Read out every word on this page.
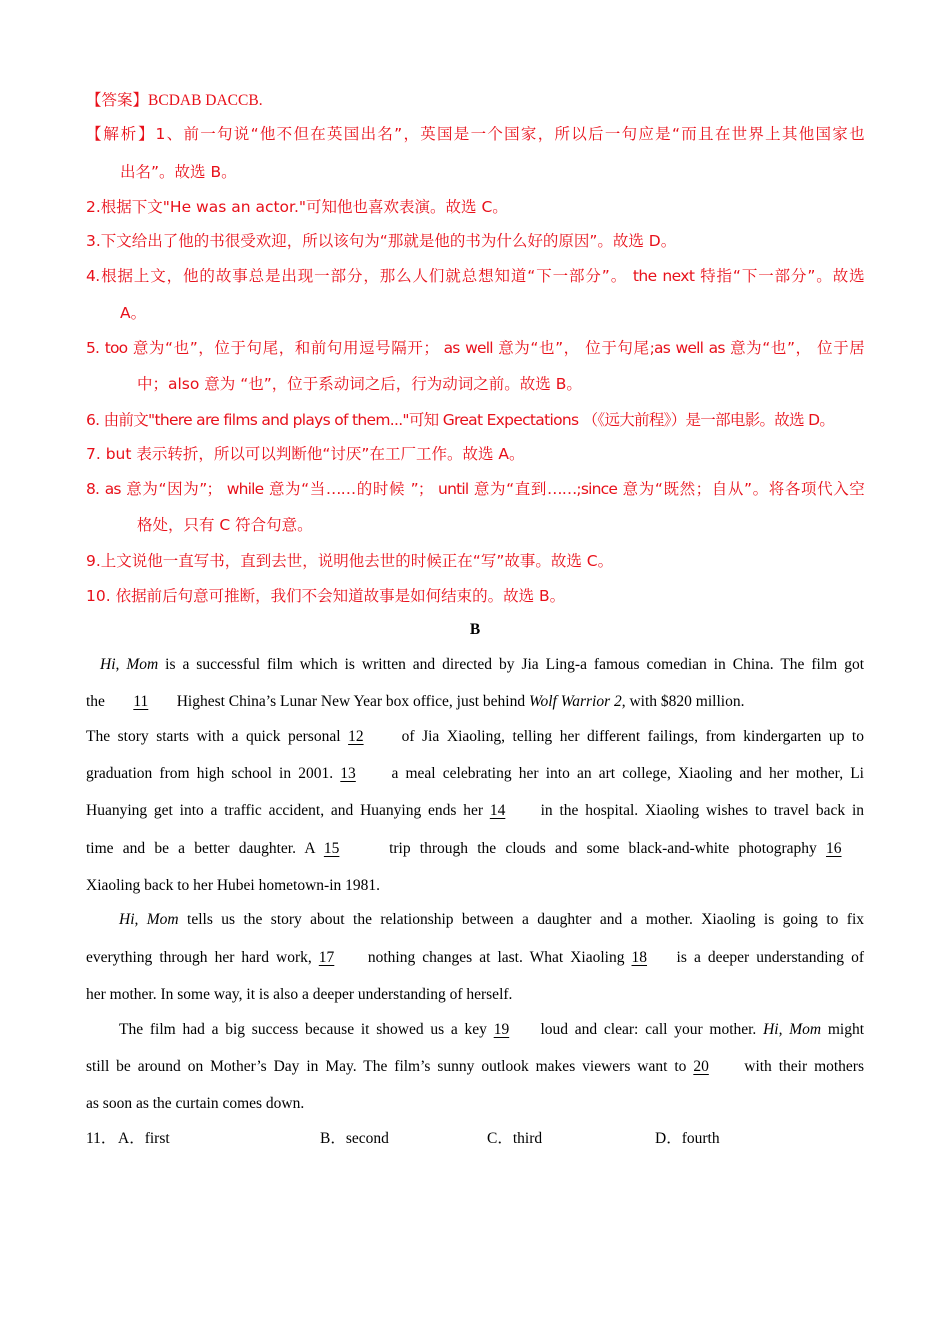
【答案】BCDAB DACCB.
【解析】1、前一句说“他不但在英国出名”，英国是一个国家，所以后一句应是“而且在世界上其他国家也
出名”。故选 B。
2.根据下文"He was an actor."可知他也喜欢表演。故选 C。
3.下文给出了他的书很受欢迎，所以该句为“那就是他的书为什么好的原因”。故选 D。
4.根据上文，他的故事总是出现一部分，那么人们就总想知道“下一部分”。 the next 特指“下一部分”。故选
A。
5. too 意为“也”，位于句尾，和前句用逗号隔开； as well 意为“也”， 位于句尾;as well as 意为“也”， 位于居
中；also 意为 “也”，位于系动词之后，行为动词之前。故选 B。
6. 由前文"there are films and plays of them..."可知 Great Expectations （《远大前程》）是一部电影。故选 D。
7. but 表示转折，所以可以判断他“讨厌”在工厂工作。故选 A。
8. as 意为“因为”； while 意为“当……的时候 ”； until 意为“直到……;since 意为“既然；自从”。将各项代入空
格处，只有 C 符合句意。
9.上文说他一直写书，直到去世，说明他去世的时候正在“写”故事。故选 C。
10. 依据前后句意可推断，我们不会知道故事是如何结束的。故选 B。
B
Hi, Mom is a successful film which is written and directed by Jia Ling-a famous comedian in China. The film got
the 11 Highest China’s Lunar New Year box office, just behind Wolf Warrior 2, with $820 million.
The story starts with a quick personal 12 of Jia Xiaoling, telling her different failings, from kindergarten up to
graduation from high school in 2001. 13 a meal celebrating her into an art college, Xiaoling and her mother, Li
Huanying get into a traffic accident, and Huanying ends her 14 in the hospital. Xiaoling wishes to travel back in
time and be a better daughter. A 15	trip through the clouds and some black-and-white photography 16
Xiaoling back to her Hubei hometown-in 1981.
Hi, Mom tells us the story about the relationship between a daughter and a mother. Xiaoling is going to fix
everything through her hard work, 17 nothing changes at last. What Xiaoling 18 is a deeper understanding of
her mother. In some way, it is also a deeper understanding of herself.
The film had a big success because it showed us a key 19 loud and clear: call your mother. Hi, Mom might
still be around on Mother’s Day in May. The film’s sunny outlook makes viewers want to 20 with their mothers
as soon as the curtain comes down.
11． A．first	B．second	C．third	D．fourth
